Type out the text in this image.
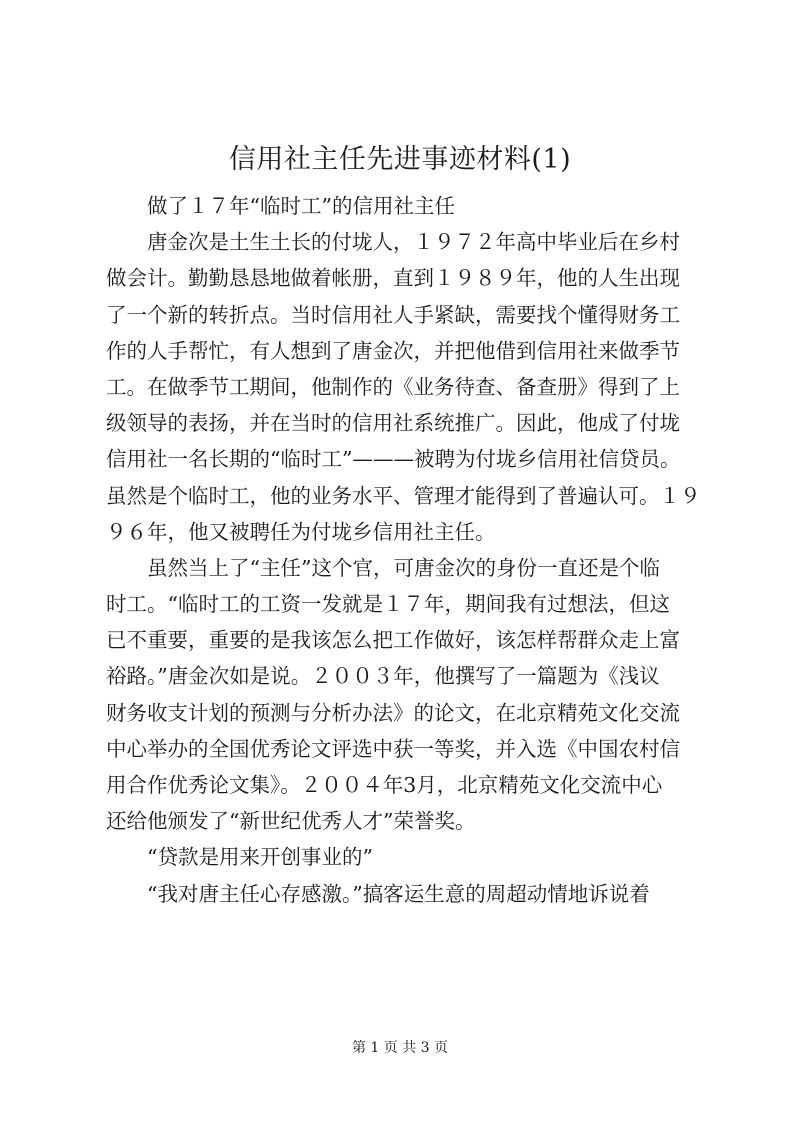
信用社主任先进事迹材料(1)
做了１７年“临时工”的信用社主任
唐金次是土生土长的付垅人，１９７２年高中毕业后在乡村
做会计。勤勤恳恳地做着帐册，直到１９８９年，他的人生出现
了一个新的转折点。当时信用社人手紧缺，需要找个懂得财务工
作的人手帮忙，有人想到了唐金次，并把他借到信用社来做季节
工。在做季节工期间，他制作的《业务待查、备查册》得到了上
级领导的表扬，并在当时的信用社系统推广。因此，他成了付垅
信用社一名长期的“临时工”———被聘为付垅乡信用社信贷员。
虽然是个临时工，他的业务水平、管理才能得到了普遍认可。１９
９６年，他又被聘任为付垅乡信用社主任。
虽然当上了“主任”这个官，可唐金次的身份一直还是个临
时工。“临时工的工资一发就是１７年，期间我有过想法，但这
已不重要，重要的是我该怎么把工作做好，该怎样帮群众走上富
裕路。”唐金次如是说。２００３年，他撰写了一篇题为《浅议
财务收支计划的预测与分析办法》的论文，在北京精苑文化交流
中心举办的全国优秀论文评选中获一等奖，并入选《中国农村信
用合作优秀论文集》。２００４年3月，北京精苑文化交流中心
还给他颁发了“新世纪优秀人才”荣誉奖。
“贷款是用来开创事业的”
“我对唐主任心存感激。”搞客运生意的周超动情地诉说着
第 1 页 共 3 页
